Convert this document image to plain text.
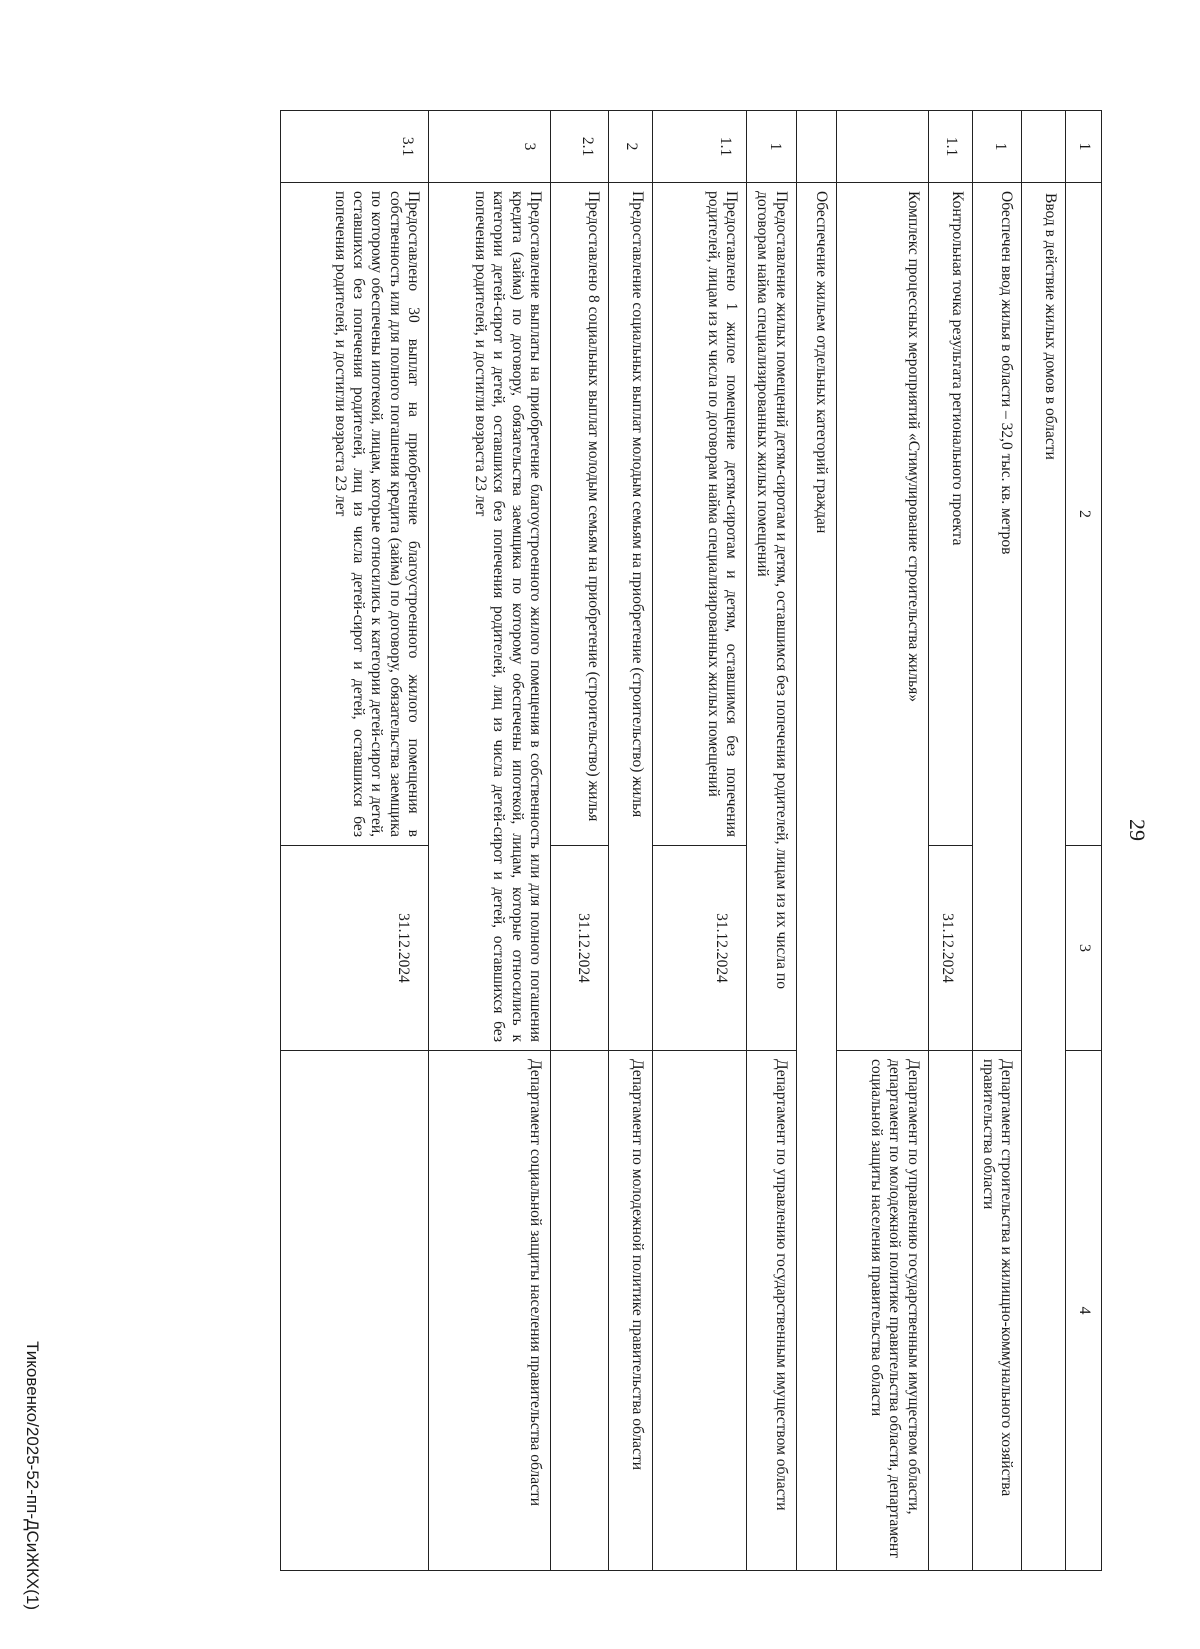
29
1	2	3	4
	Ввод в действие жилых домов в области		
1	Обеспечен ввод жилья в области – 32,0 тыс. кв. метров		Департамент строительства и жилищно-коммунального хозяйства правительства области
1.1	Контрольная точка результата регионального проекта	31.12.2024	
	Комплекс процессных мероприятий «Стимулирование строительства жилья»		Департамент по управлению государственным имуществом области, департамент по молодежной политике правительства области, департамент социальной защиты населения правительства области
	Обеспечение жильем отдельных категорий граждан		
1	Предоставление жилых помещений детям-сиротам и детям, оставшимся без попечения родителей, лицам из их числа по договорам найма специализированных жилых помещений		Департамент по управлению государственным имуществом области
1.1	Предоставлено 1 жилое помещение детям-сиротам и детям, оставшимся без попечения родителей, лицам из их числа по договорам найма специализированных жилых помещений	31.12.2024	
2	Предоставление социальных выплат молодым семьям на приобретение (строительство) жилья		Департамент по молодежной политике правительства области
2.1	Предоставлено 8 социальных выплат молодым семьям на приобретение (строительство) жилья	31.12.2024	
3	Предоставление выплаты на приобретение благоустроенного жилого помещения в собственность или для полного погашения кредита (займа) по договору, обязательства заемщика по которому обеспечены ипотекой, лицам, которые относились к категории детей-сирот и детей, оставшихся без попечения родителей, лиц из числа детей-сирот и детей, оставшихся без попечения родителей, и достигли возраста 23 лет		Департамент социальной защиты населения правительства области
3.1	Предоставлено 30 выплат на приобретение благоустроенного жилого помещения в собственность или для полного погашения кредита (займа) по договору, обязательства заемщика по которому обеспечены ипотекой, лицам, которые относились к категории детей-сирот и детей, оставшихся без попечения родителей, лиц из числа детей-сирот и детей, оставшихся без попечения родителей, и достигли возраста 23 лет	31.12.2024	
Тиковенко/2025-52-пп-ДСиЖКХ(1)
